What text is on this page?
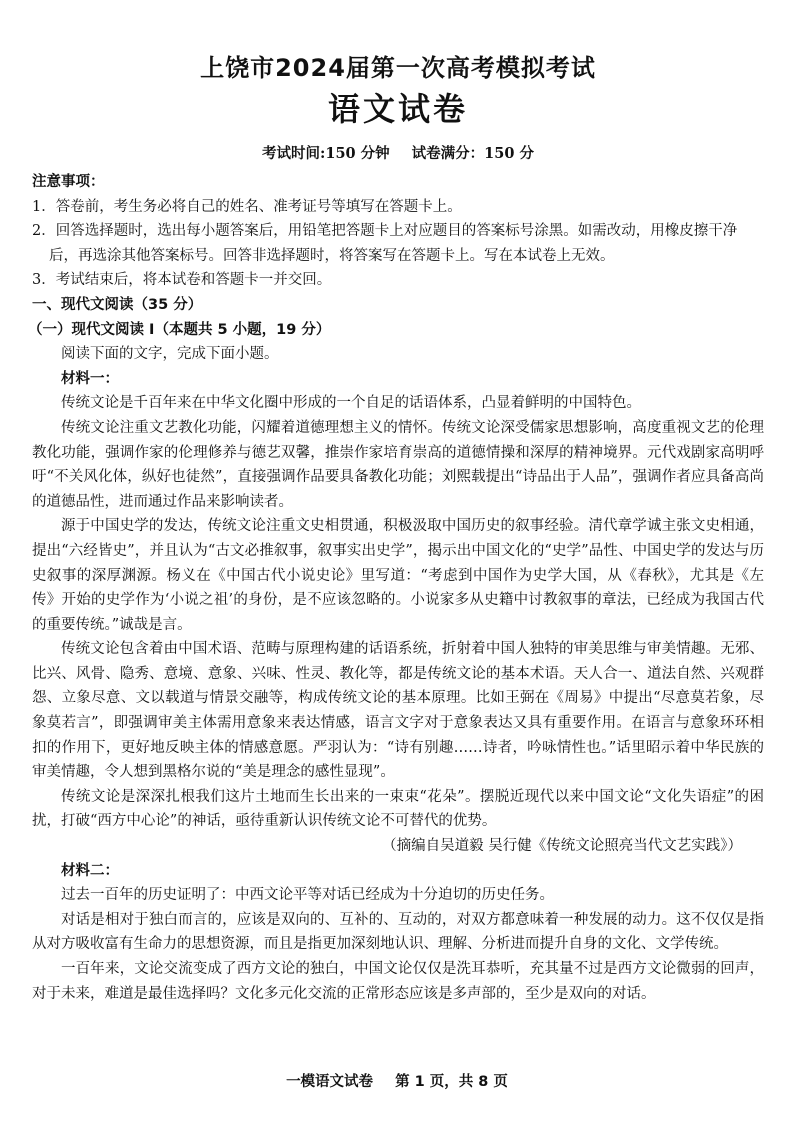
上饶市2024届第一次高考模拟考试
语文试卷
考试时间:150 分钟 试卷满分：150 分
注意事项：
1．答卷前，考生务必将自己的姓名、准考证号等填写在答题卡上。
2．回答选择题时，选出每小题答案后，用铅笔把答题卡上对应题目的答案标号涂黑。如需改动，用橡皮擦干净后，再选涂其他答案标号。回答非选择题时，将答案写在答题卡上。写在本试卷上无效。
3．考试结束后，将本试卷和答题卡一并交回。
一、现代文阅读（35 分）
（一）现代文阅读 I（本题共 5 小题，19 分）
阅读下面的文字，完成下面小题。
材料一：

传统文论是千百年来在中华文化圈中形成的一个自足的话语体系，凸显着鲜明的中国特色。

传统文论注重文艺教化功能，闪耀着道德理想主义的情怀。传统文论深受儒家思想影响，高度重视文艺的伦理教化功能，强调作家的伦理修养与德艺双馨，推崇作家培育崇高的道德情操和深厚的精神境界。元代戏剧家高明呼吁“不关风化体，纵好也徒然”，直接强调作品要具备教化功能；刘熙载提出“诗品出于人品”，强调作者应具备高尚的道德品性，进而通过作品来影响读者。

源于中国史学的发达，传统文论注重文史相贯通，积极汲取中国历史的叙事经验。清代章学诚主张文史相通，提出“六经皆史”，并且认为“古文必推叙事，叙事实出史学”，揭示出中国文化的“史学”品性、中国史学的发达与历史叙事的深厚渊源。杨义在《中国古代小说史论》里写道：“考虑到中国作为史学大国，从《春秋》，尤其是《左传》开始的史学作为‘小说之祖’的身份，是不应该忽略的。小说家多从史籍中讨教叙事的章法，已经成为我国古代的重要传统。”诚哉是言。

传统文论包含着由中国术语、范畴与原理构建的话语系统，折射着中国人独特的审美思维与审美情趣。无邪、比兴、风骨、隐秀、意境、意象、兴味、性灵、教化等，都是传统文论的基本术语。天人合一、道法自然、兴观群怨、立象尽意、文以载道与情景交融等，构成传统文论的基本原理。比如王弼在《周易》中提出“尽意莫若象，尽象莫若言”，即强调审美主体需用意象来表达情感，语言文字对于意象表达又具有重要作用。在语言与意象环环相扣的作用下，更好地反映主体的情感意愿。严羽认为：“诗有别趣……诗者，吟咏情性也。”话里昭示着中华民族的审美情趣，令人想到黑格尔说的“美是理念的感性显现”。

传统文论是深深扎根我们这片土地而生长出来的一束束“花朵”。摆脱近现代以来中国文论“文化失语症”的困扰，打破“西方中心论”的神话，亟待重新认识传统文论不可替代的优势。

（摘编自吴道毅 吴行健《传统文论照亮当代文艺实践》）
材料二：

过去一百年的历史证明了：中西文论平等对话已经成为十分迫切的历史任务。

对话是相对于独白而言的，应该是双向的、互补的、互动的，对双方都意味着一种发展的动力。这不仅仅是指从对方吸收富有生命力的思想资源，而且是指更加深刻地认识、理解、分析进而提升自身的文化、文学传统。

一百年来，文论交流变成了西方文论的独白，中国文论仅仅是洗耳恭听，充其量不过是西方文论微弱的回声，对于未来，难道是最佳选择吗？文化多元化交流的正常形态应该是多声部的，至少是双向的对话。

一模语文试卷 第 1 页，共 8 页
